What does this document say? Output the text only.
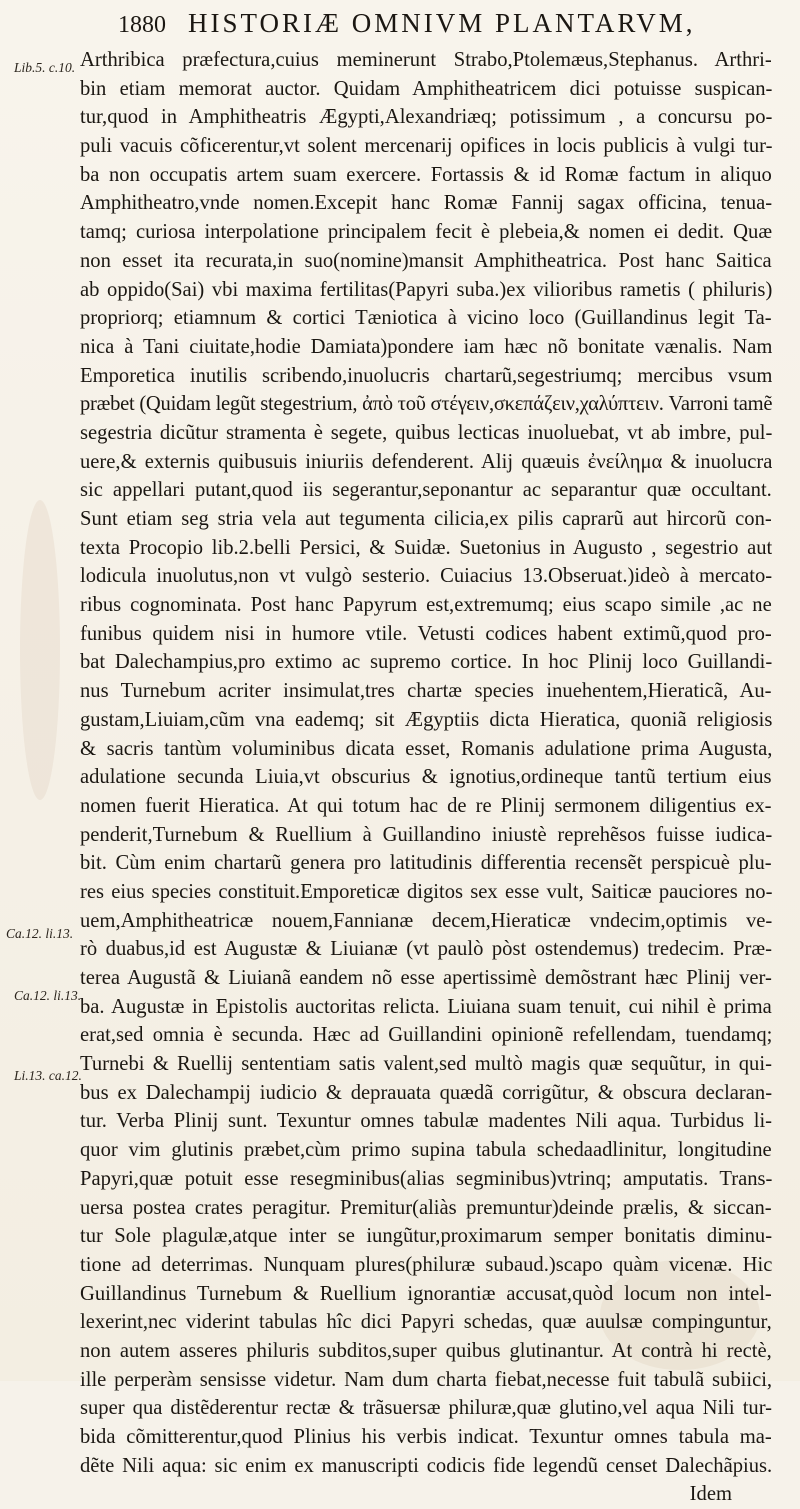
1880 HISTORIÆ OMNIVM PLANTARVM,
Lib.5. c.10.
Ca.12. li.13.
Ca.12. li.13.
Li.13. ca.12.
Arthribica præfectura,cuius meminerunt Strabo,Ptolemæus,Stephanus. Arthri-
bin etiam memorat auctor. Quidam Amphitheatricem dici potuisse suspican-
tur,quod in Amphitheatris Ægypti,Alexandriæq; potissimum , a concursu po-
puli vacuis cõficerentur,vt solent mercenarij opifices in locis publicis à vulgi tur-
ba non occupatis artem suam exercere. Fortassis & id Romæ factum in aliquo
Amphitheatro,vnde nomen.Excepit hanc Romæ Fannij sagax officina, tenua-
tamq; curiosa interpolatione principalem fecit è plebeia,& nomen ei dedit. Quæ
non esset ita recurata,in suo(nomine)mansit Amphitheatrica. Post hanc Saitica
ab oppido(Sai) vbi maxima fertilitas(Papyri suba.)ex vilioribus rametis ( philuris)
propriorq; etiamnum & cortici Tæniotica à vicino loco (Guillandinus legit Ta-
nica à Tani ciuitate,hodie Damiata)pondere iam hæc nõ bonitate vænalis. Nam
Emporetica inutilis scribendo,inuolucris chartarũ,segestriumq; mercibus vsum
præbet (Quidam legũt stegestrium, ἀπὸ τοῦ στέγειν,σκεπάζειν,χαλύπτειν. Varroni tamẽ
segestria dicũtur stramenta è segete, quibus lecticas inuoluebat, vt ab imbre, pul-
uere,& externis quibusuis iniuriis defenderent. Alij quæuis ἐνείλημα & inuolucra
sic appellari putant,quod iis segerantur,seponantur ac separantur quæ occultant.
Sunt etiam seg stria vela aut tegumenta cilicia,ex pilis caprarũ aut hircorũ con-
texta Procopio lib.2.belli Persici, & Suidæ. Suetonius in Augusto , segestrio aut
lodicula inuolutus,non vt vulgò sesterio. Cuiacius 13.Obseruat.)ideò à mercato-
ribus cognominata. Post hanc Papyrum est,extremumq; eius scapo simile ,ac ne
funibus quidem nisi in humore vtile. Vetusti codices habent extimũ,quod pro-
bat Dalechampius,pro extimo ac supremo cortice. In hoc Plinij loco Guillandi-
nus Turnebum acriter insimulat,tres chartæ species inuehentem,Hieraticã, Au-
gustam,Liuiam,cũm vna eademq; sit Ægyptiis dicta Hieratica, quoniã religiosis
& sacris tantùm voluminibus dicata esset, Romanis adulatione prima Augusta,
adulatione secunda Liuia,vt obscurius & ignotius,ordineque tantũ tertium eius
nomen fuerit Hieratica. At qui totum hac de re Plinij sermonem diligentius ex-
penderit,Turnebum & Ruellium à Guillandino iniustè reprehẽsos fuisse iudica-
bit. Cùm enim chartarũ genera pro latitudinis differentia recensẽt perspicuè plu-
res eius species constituit.Emporeticæ digitos sex esse vult, Saiticæ pauciores no-
uem,Amphitheatricæ nouem,Fannianæ decem,Hieraticæ vndecim,optimis ve-
rò duabus,id est Augustæ & Liuianæ (vt paulò pòst ostendemus) tredecim. Præ-
terea Augustã & Liuianã eandem nõ esse apertissimè demõstrant hæc Plinij ver-
ba. Augustæ in Epistolis auctoritas relicta. Liuiana suam tenuit, cui nihil è prima
erat,sed omnia è secunda. Hæc ad Guillandini opinionẽ refellendam, tuendamq;
Turnebi & Ruellij sententiam satis valent,sed multò magis quæ sequũtur, in qui-
bus ex Dalechampij iudicio & deprauata quædã corrigũtur, & obscura declaran-
tur. Verba Plinij sunt. Texuntur omnes tabulæ madentes Nili aqua. Turbidus li-
quor vim glutinis præbet,cùm primo supina tabula schedaadlinitur, longitudine
Papyri,quæ potuit esse resegminibus(alias segminibus)vtrinq; amputatis. Trans-
uersa postea crates peragitur. Premitur(aliàs premuntur)deinde prælis, & siccan-
tur Sole plagulæ,atque inter se iungũtur,proximarum semper bonitatis diminu-
tione ad deterrimas. Nunquam plures(philuræ subaud.)scapo quàm vicenæ. Hic
Guillandinus Turnebum & Ruellium ignorantiæ accusat,quòd locum non intel-
lexerint,nec viderint tabulas hîc dici Papyri schedas, quæ auulsæ compinguntur,
non autem asseres philuris subditos,super quibus glutinantur. At contrà hi rectè,
ille perperàm sensisse videtur. Nam dum charta fiebat,necesse fuit tabulã subiici,
super qua distẽderentur rectæ & trãsuersæ philuræ,quæ glutino,vel aqua Nili tur-
bida cõmitterentur,quod Plinius his verbis indicat. Texuntur omnes tabula ma-
dẽte Nili aqua: sic enim ex manuscripti codicis fide legendũ censet Dalechãpius.
Idem
